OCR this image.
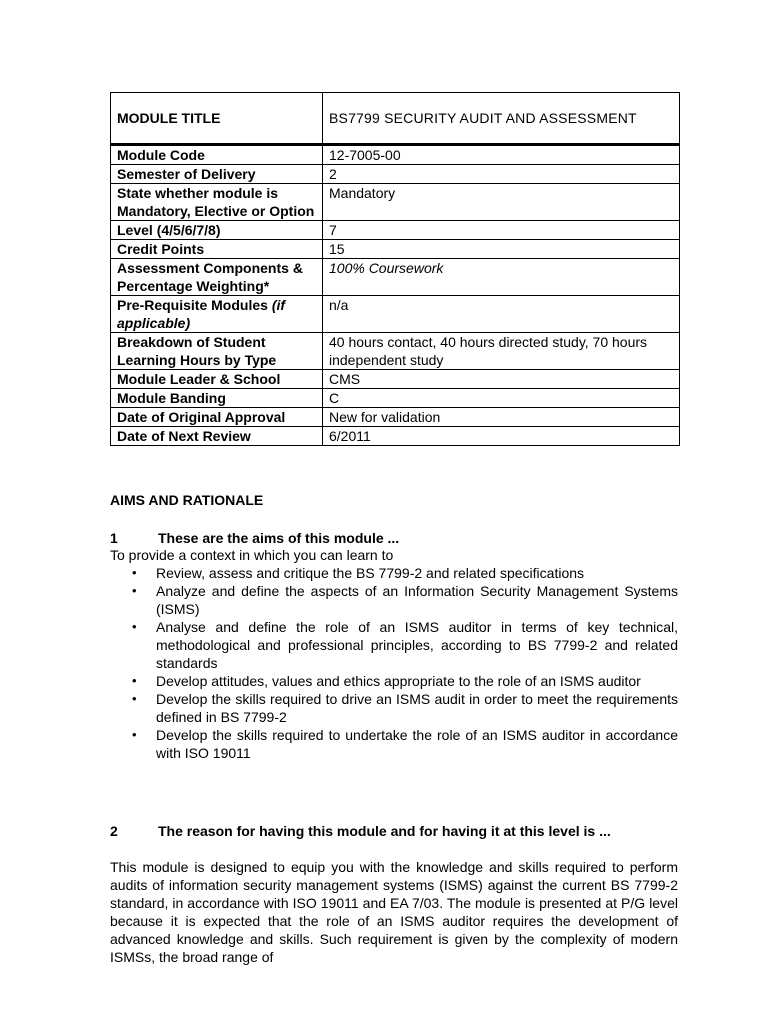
MODULE TITLE	BS7799 SECURITY AUDIT AND ASSESSMENT
Module Code	12-7005-00
Semester of Delivery	2
State whether module is Mandatory, Elective or Option	Mandatory
Level (4/5/6/7/8)	7
Credit Points	15
Assessment Components & Percentage Weighting*	100% Coursework
Pre-Requisite Modules (if applicable)	n/a
Breakdown of Student Learning Hours by Type	40 hours contact, 40 hours directed study, 70 hours independent study
Module Leader & School	CMS
Module Banding	C
Date of Original Approval	New for validation
Date of Next Review	6/2011
AIMS AND RATIONALE
1	These are the aims of this module ...
To provide a context in which you can learn to
• Review, assess and critique the BS 7799-2 and related specifications
• Analyze and define the aspects of an Information Security Management Systems (ISMS)
• Analyse and define the role of an ISMS auditor in terms of key technical, methodological and professional principles, according to BS 7799-2 and related standards
• Develop attitudes, values and ethics appropriate to the role of an ISMS auditor
• Develop the skills required to drive an ISMS audit in order to meet the requirements defined in BS 7799-2
• Develop the skills required to undertake the role of an ISMS auditor in accordance with ISO 19011
2	The reason for having this module and for having it at this level is ...
This module is designed to equip you with the knowledge and skills required to perform audits of information security management systems (ISMS) against the current BS 7799-2 standard, in accordance with ISO 19011 and EA 7/03. The module is presented at P/G level because it is expected that the role of an ISMS auditor requires the development of advanced knowledge and skills. Such requirement is given by the complexity of modern ISMSs, the broad range of
